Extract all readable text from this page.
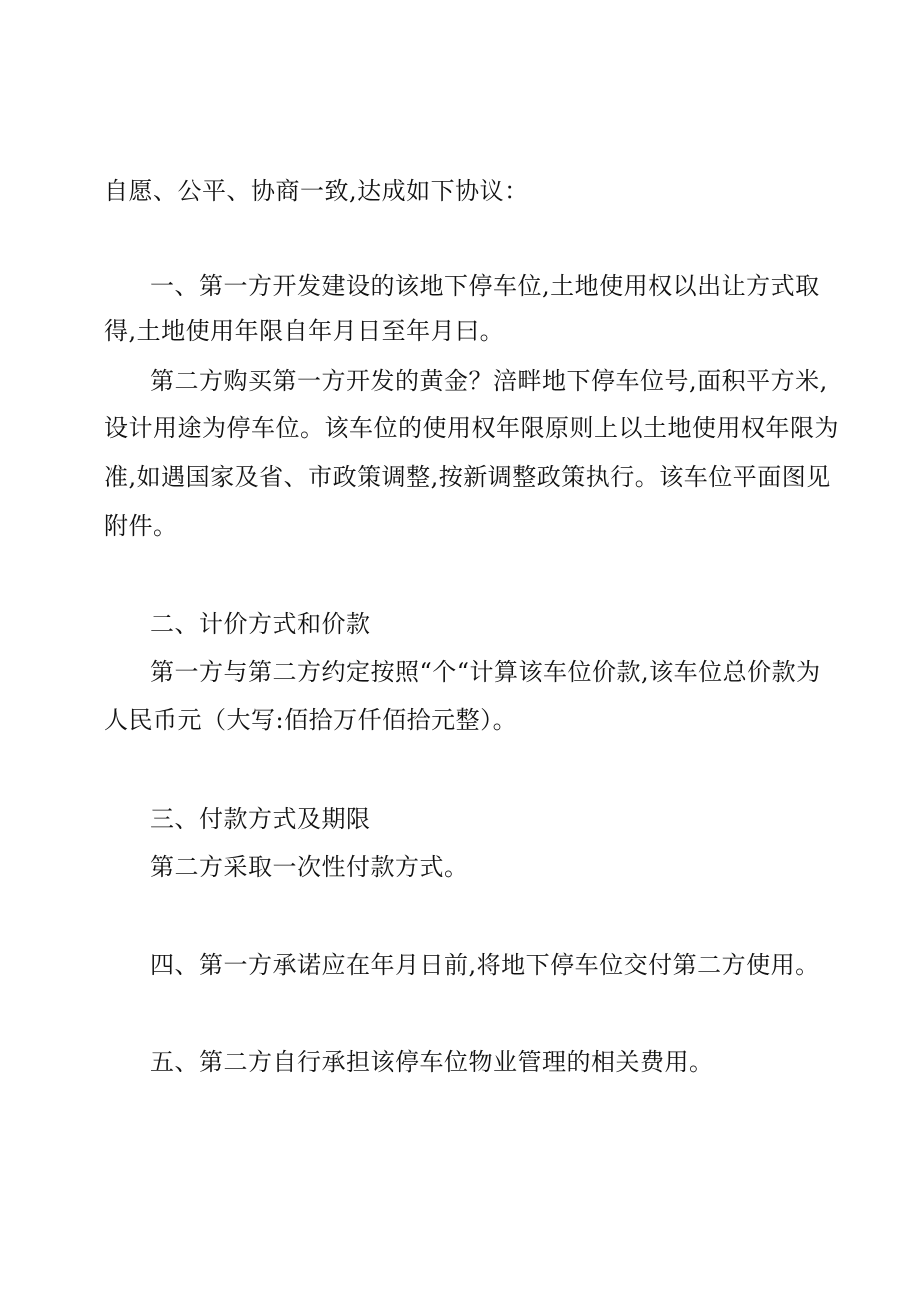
自愿、公平、协商一致,达成如下协议：
一、第一方开发建设的该地下停车位,土地使用权以出让方式取
得,土地使用年限自年月日至年月曰。
第二方购买第一方开发的黄金？涪畔地下停车位号,面积平方米,
设计用途为停车位。该车位的使用权年限原则上以土地使用权年限为
准,如遇国家及省、市政策调整,按新调整政策执行。该车位平面图见
附件。
二、计价方式和价款
第一方与第二方约定按照“个“计算该车位价款,该车位总价款为
人民币元（大写:佰拾万仟佰拾元整）。
三、付款方式及期限
第二方采取一次性付款方式。
四、第一方承诺应在年月日前,将地下停车位交付第二方使用。
五、第二方自行承担该停车位物业管理的相关费用。
